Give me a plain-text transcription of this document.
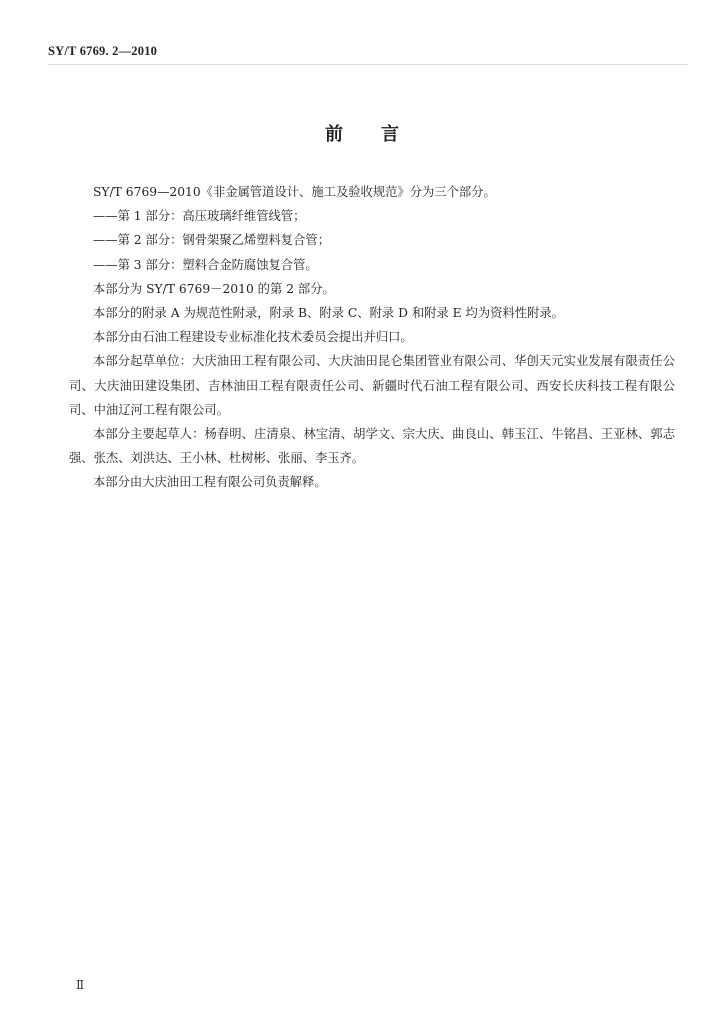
SY/T 6769. 2—2010
前言

SY/T 6769—2010《非金属管道设计、施工及验收规范》分为三个部分。

——第 1 部分：高压玻璃纤维管线管；

——第 2 部分：钢骨架聚乙烯塑料复合管；

——第 3 部分：塑料合金防腐蚀复合管。

本部分为 SY/T 6769－2010 的第 2 部分。

本部分的附录 A 为规范性附录，附录 B、附录 C、附录 D 和附录 E 均为资料性附录。

本部分由石油工程建设专业标准化技术委员会提出并归口。

本部分起草单位：大庆油田工程有限公司、大庆油田昆仑集团管业有限公司、华创天元实业发展有限责任公司、大庆油田建设集团、吉林油田工程有限责任公司、新疆时代石油工程有限公司、西安长庆科技工程有限公司、中油辽河工程有限公司。

本部分主要起草人：杨春明、庄清泉、林宝清、胡学文、宗大庆、曲良山、韩玉江、牛铭昌、王亚林、郭志强、张杰、刘洪达、王小林、杜树彬、张丽、李玉齐。

本部分由大庆油田工程有限公司负责解释。

Ⅱ
